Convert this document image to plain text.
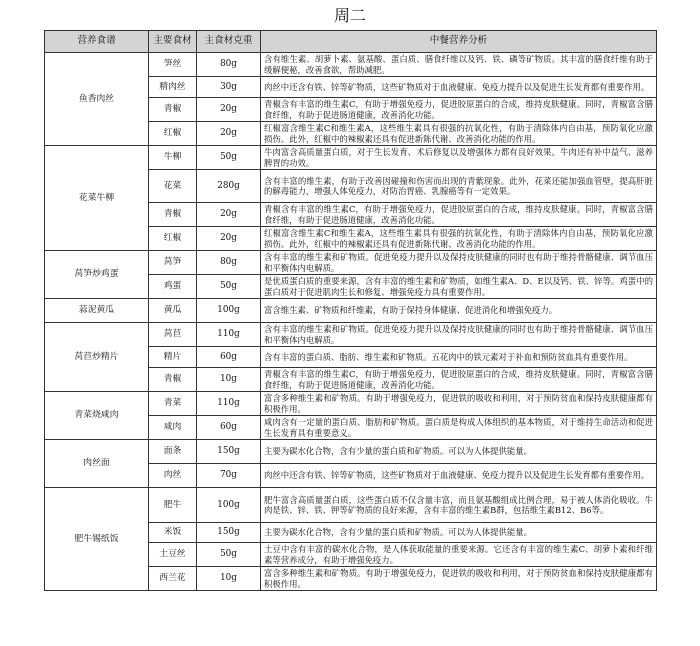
周二
营养食谱	主要食材	主食材克重	中餐营养分析
鱼香肉丝	笋丝	80g	含有维生素、胡萝卜素、氨基酸、蛋白质、膳食纤维以及钙、铁、磷等矿物质。其丰富的膳食纤维有助于缓解便秘，改善食欲，帮助减肥。
	精肉丝	30g	肉丝中还含有铁、锌等矿物质，这些矿物质对于血液健康、免疫力提升以及促进生长发育都有重要作用。
	青椒	20g	青椒含有丰富的维生素C，有助于增强免疫力，促进胶原蛋白的合成，维持皮肤健康。同时，青椒富含膳食纤维，有助于促进肠道健康，改善消化功能。
	红椒	20g	红椒富含维生素C和维生素A，这些维生素具有很强的抗氧化性，有助于清除体内自由基，预防氧化应激损伤。此外，红椒中的辣椒素还具有促进新陈代谢、改善消化功能的作用。
花菜牛柳	牛柳	50g	牛肉富含高质量蛋白质，对于生长发育、术后修复以及增强体力都有良好效果。牛肉还有补中益气、滋养脾胃的功效。
	花菜	280g	含有丰富的维生素，有助于改善因碰撞和伤害而出现的青紫现象。此外，花菜还能加强血管壁，提高肝脏的解毒能力，增强人体免疫力，对防治胃癌、乳腺癌等有一定效果。
	青椒	20g	青椒含有丰富的维生素C，有助于增强免疫力，促进胶原蛋白的合成，维持皮肤健康。同时，青椒富含膳食纤维，有助于促进肠道健康，改善消化功能。
	红椒	20g	红椒富含维生素C和维生素A，这些维生素具有很强的抗氧化性，有助于清除体内自由基，预防氧化应激损伤。此外，红椒中的辣椒素还具有促进新陈代谢、改善消化功能的作用。
莴笋炒鸡蛋	莴笋	80g	含有丰富的维生素和矿物质。促进免疫力提升以及保持皮肤健康的同时也有助于维持骨骼健康、调节血压和平衡体内电解质。
	鸡蛋	50g	是优质蛋白质的重要来源，含有丰富的维生素和矿物质，如维生素A、D、E以及钙、铁、锌等。鸡蛋中的蛋白质对于促进肌肉生长和修复、增强免疫力具有重要作用。
蒜泥黄瓜	黄瓜	100g	富含维生素、矿物质和纤维素，有助于保持身体健康、促进消化和增强免疫力。
莴苣炒精片	莴苣	110g	含有丰富的维生素和矿物质。促进免疫力提升以及保持皮肤健康的同时也有助于维持骨骼健康、调节血压和平衡体内电解质。
	精片	60g	含有丰富的蛋白质、脂肪、维生素和矿物质。五花肉中的铁元素对于补血和预防贫血具有重要作用。
	青椒	10g	青椒含有丰富的维生素C，有助于增强免疫力，促进胶原蛋白的合成，维持皮肤健康。同时，青椒富含膳食纤维，有助于促进肠道健康，改善消化功能。
青菜烧咸肉	青菜	110g	富含多种维生素和矿物质。有助于增强免疫力，促进铁的吸收和利用，对于预防贫血和保持皮肤健康都有积极作用。
	咸肉	60g	咸肉含有一定量的蛋白质、脂肪和矿物质。蛋白质是构成人体组织的基本物质，对于维持生命活动和促进生长发育具有重要意义。
肉丝面	面条	150g	主要为碳水化合物，含有少量的蛋白质和矿物质。可以为人体提供能量。
	肉丝	70g	肉丝中还含有铁、锌等矿物质，这些矿物质对于血液健康、免疫力提升以及促进生长发育都有重要作用。
肥牛锡纸饭	肥牛	100g	肥牛富含高质量蛋白质，这些蛋白质不仅含量丰富，而且氨基酸组成比例合理，易于被人体消化吸收。牛肉是铁、锌、铁、钾等矿物质的良好来源，含有丰富的维生素B群，包括维生素B12、B6等。
	米饭	150g	主要为碳水化合物，含有少量的蛋白质和矿物质。可以为人体提供能量。
	土豆丝	50g	土豆中含有丰富的碳水化合物，是人体获取能量的重要来源。它还含有丰富的维生素C、胡萝卜素和纤维素等营养成分，有助于增强免疫力。
	西兰花	10g	富含多种维生素和矿物质。有助于增强免疫力，促进铁的吸收和利用，对于预防贫血和保持皮肤健康都有积极作用。
